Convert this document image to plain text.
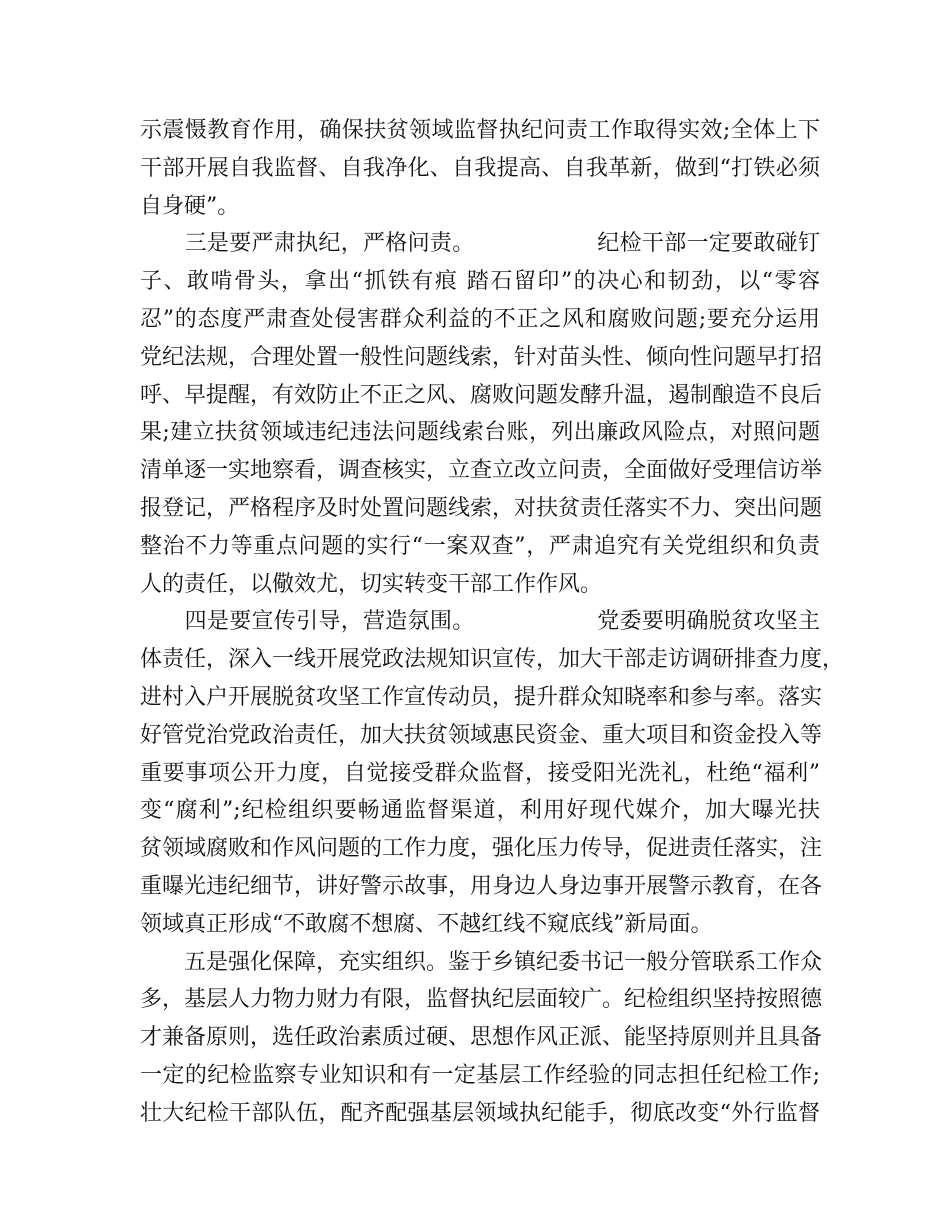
示震慑教育作用，确保扶贫领域监督执纪问责工作取得实效;全体上下
干部开展自我监督、自我净化、自我提高、自我革新，做到“打铁必须
自身硬”。
　　三是要严肃执纪，严格问责。　　　　　　纪检干部一定要敢碰钉
子、敢啃骨头，拿出“抓铁有痕 踏石留印”的决心和韧劲，以“零容
忍”的态度严肃查处侵害群众利益的不正之风和腐败问题;要充分运用
党纪法规，合理处置一般性问题线索，针对苗头性、倾向性问题早打招
呼、早提醒，有效防止不正之风、腐败问题发酵升温，遏制酿造不良后
果;建立扶贫领域违纪违法问题线索台账，列出廉政风险点，对照问题
清单逐一实地察看，调查核实，立查立改立问责，全面做好受理信访举
报登记，严格程序及时处置问题线索，对扶贫责任落实不力、突出问题
整治不力等重点问题的实行“一案双查”，严肃追究有关党组织和负责
人的责任，以儆效尤，切实转变干部工作作风。
　　四是要宣传引导，营造氛围。　　　　　　党委要明确脱贫攻坚主
体责任，深入一线开展党政法规知识宣传，加大干部走访调研排查力度，
进村入户开展脱贫攻坚工作宣传动员，提升群众知晓率和参与率。落实
好管党治党政治责任，加大扶贫领域惠民资金、重大项目和资金投入等
重要事项公开力度，自觉接受群众监督，接受阳光洗礼，杜绝“福利”
变“腐利”;纪检组织要畅通监督渠道，利用好现代媒介，加大曝光扶
贫领域腐败和作风问题的工作力度，强化压力传导，促进责任落实，注
重曝光违纪细节，讲好警示故事，用身边人身边事开展警示教育，在各
领域真正形成“不敢腐不想腐、不越红线不窥底线”新局面。
　　五是强化保障，充实组织。鉴于乡镇纪委书记一般分管联系工作众
多，基层人力物力财力有限，监督执纪层面较广。纪检组织坚持按照德
才兼备原则，选任政治素质过硬、思想作风正派、能坚持原则并且具备
一定的纪检监察专业知识和有一定基层工作经验的同志担任纪检工作;
壮大纪检干部队伍，配齐配强基层领域执纪能手，彻底改变“外行监督
